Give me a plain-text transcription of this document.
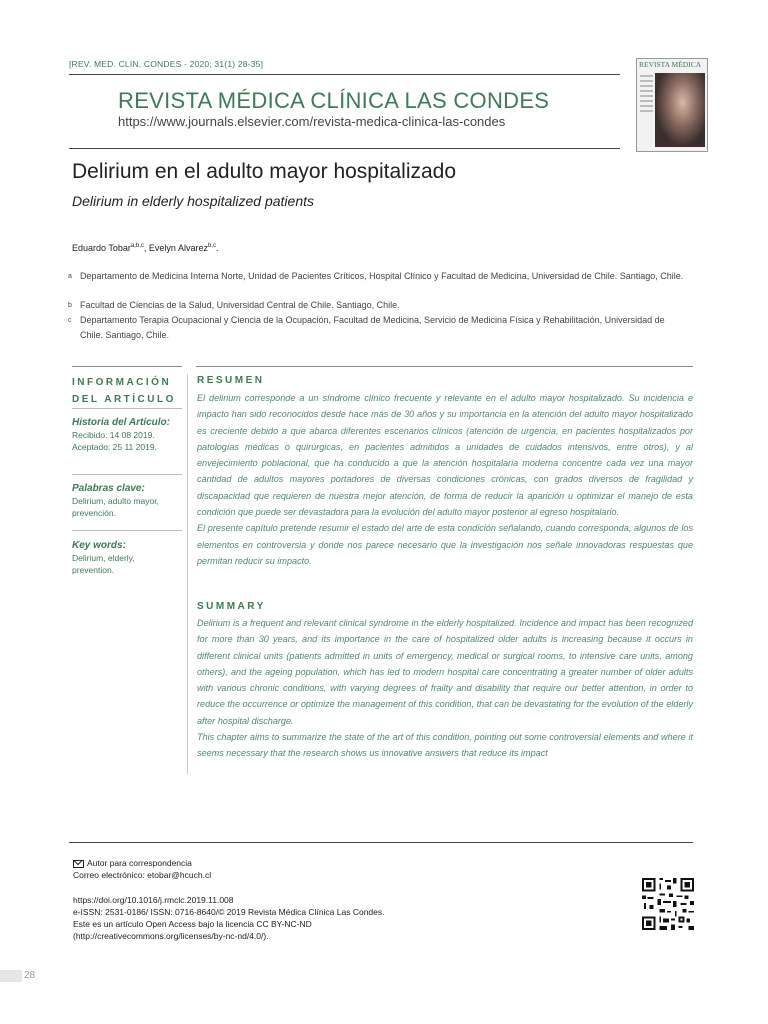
[REV. MED. CLIN. CONDES - 2020; 31(1) 28-35]
REVISTA MÉDICA CLÍNICA LAS CONDES
https://www.journals.elsevier.com/revista-medica-clinica-las-condes
REVISTA MÉDICA
Delirium en el adulto mayor hospitalizado
Delirium in elderly hospitalized patients
Eduardo Tobar$^{a,b,c}$, Evelyn Alvarez$^{b,c}$.
a Departamento de Medicina Interna Norte, Unidad de Pacientes Críticos, Hospital Clínico y Facultad de Medicina, Universidad de Chile. Santiago, Chile.
b Facultad de Ciencias de la Salud, Universidad Central de Chile. Santiago, Chile.
c Departamento Terapia Ocupacional y Ciencia de la Ocupación, Facultad de Medicina, Servicio de Medicina Física y Rehabilitación, Universidad de Chile. Santiago, Chile.
INFORMACIÓN
DEL ARTÍCULO
Historia del Artículo:
Recibido: 14 08 2019.
Aceptado: 25 11 2019.
Palabras clave:
Delirium, adulto mayor, prevención.
Key words:
Delirium, elderly, prevention.
RESUMEN
El delirium corresponde a un síndrome clínico frecuente y relevante en el adulto mayor hospitalizado. Su incidencia e impacto han sido reconocidos desde hace más de 30 años y su importancia en la atención del adulto mayor hospitalizado es creciente debido a que abarca diferentes escenarios clínicos (atención de urgencia, en pacientes hospitalizados por patologías médicas o quirúrgicas, en pacientes admitidos a unidades de cuidados intensivos, entre otros), y al envejecimiento poblacional, que ha conducido a que la atención hospitalaria moderna concentre cada vez una mayor cantidad de adultos mayores portadores de diversas condiciones crónicas, con grados diversos de fragilidad y discapacidad que requieren de nuestra mejor atención, de forma de reducir la aparición u optimizar el manejo de esta condición que puede ser devastadora para la evolución del adulto mayor posterior al egreso hospitalario.
El presente capítulo pretende resumir el estado del arte de esta condición señalando, cuando corresponda, algunos de los elementos en controversia y donde nos parece necesario que la investigación nos señale innovadoras respuestas que permitan reducir su impacto.
SUMMARY
Delirium is a frequent and relevant clinical syndrome in the elderly hospitalized. Incidence and impact has been recognized for more than 30 years, and its importance in the care of hospitalized older adults is increasing because it occurs in different clinical units (patients admitted in units of emergency, medical or surgical rooms, to intensive care units, among others), and the ageing population, which has led to modern hospital care concentrating a greater number of older adults with various chronic conditions, with varying degrees of frailty and disability that require our better attention, in order to reduce the occurrence or optimize the management of this condition, that can be devastating for the evolution of the elderly after hospital discharge.
This chapter aims to summarize the state of the art of this condition, pointing out some controversial elements and where it seems necessary that the research shows us innovative answers that reduce its impact
Autor para correspondencia
Correo electrónico: etobar@hcuch.cl
https://doi.org/10.1016/j.rmclc.2019.11.008
e-ISSN: 2531-0186/ ISSN: 0716-8640/© 2019 Revista Médica Clínica Las Condes.
Este es un artículo Open Access bajo la licencia CC BY-NC-ND
(http://creativecommons.org/licenses/by-nc-nd/4.0/).
28
